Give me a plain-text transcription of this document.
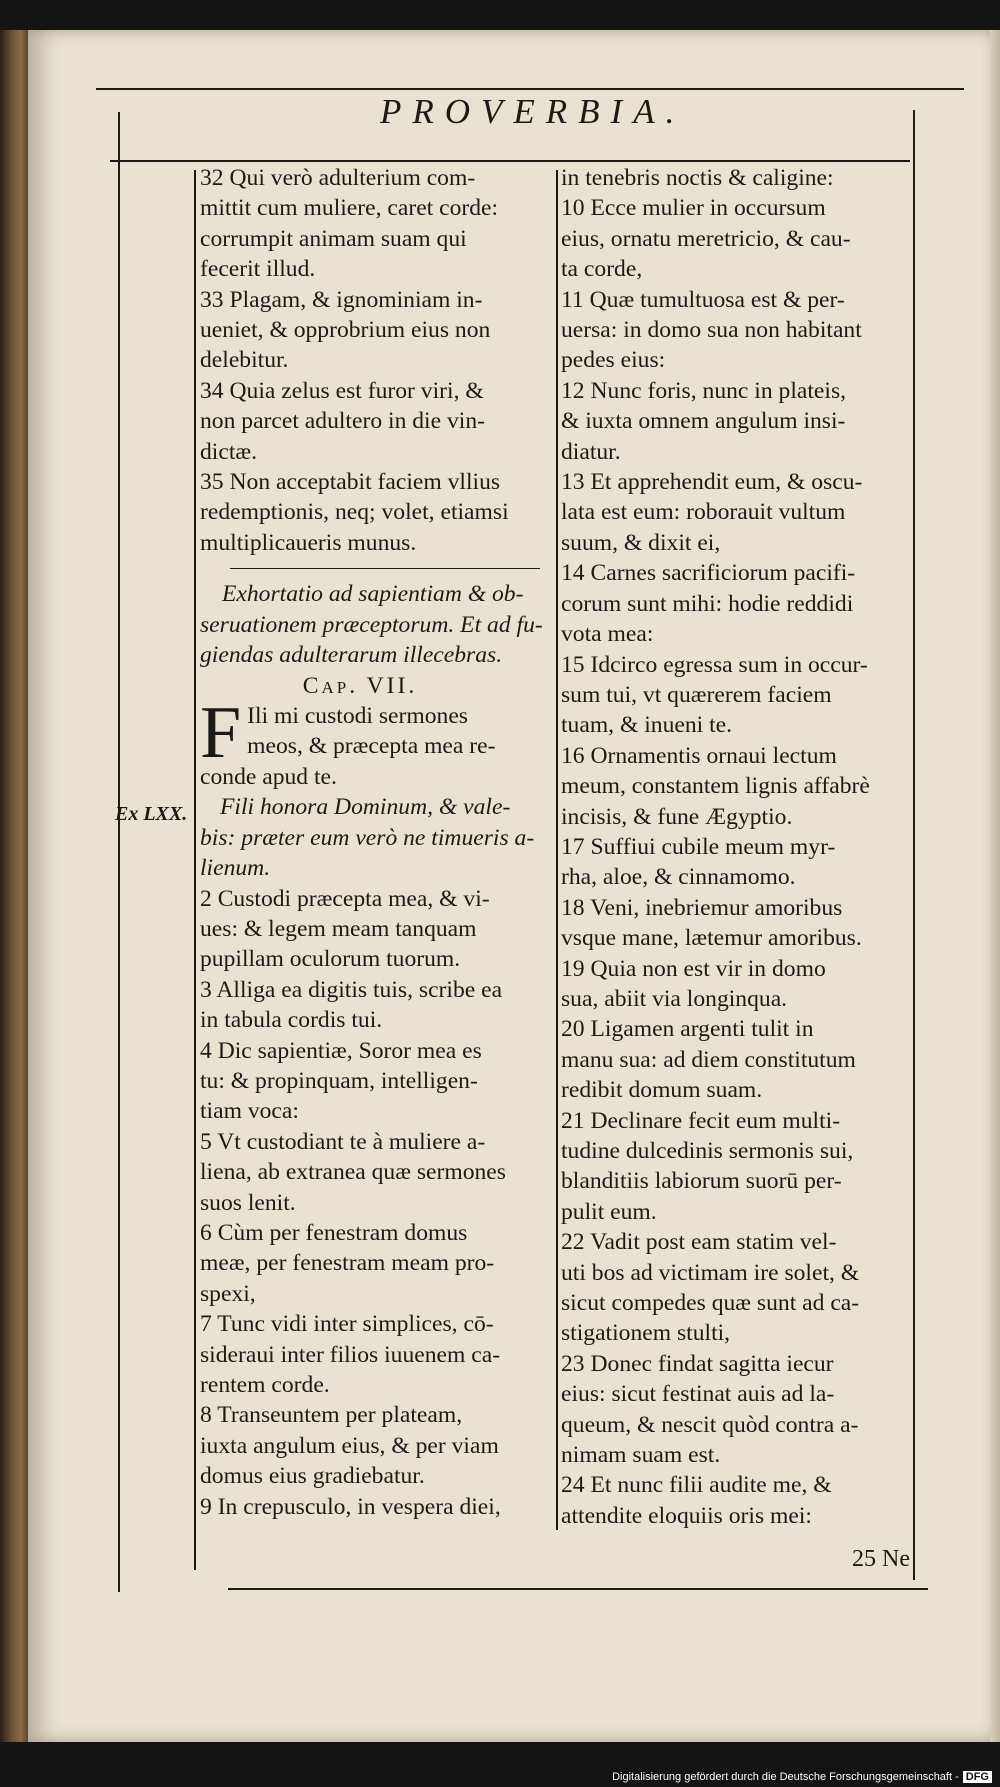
PROVERBIA.
Ex LXX.

32 Qui verò adulterium com-

mittit cum muliere, caret corde:

corrumpit animam suam qui

fecerit illud.

33 Plagam, & ignominiam in-

ueniet, & opprobrium eius non

delebitur.

34 Quia zelus est furor viri, &

non parcet adultero in die vin-

dictæ.

35 Non acceptabit faciem vllius

redemptionis, neq; volet, etiamsi

multiplicaueris munus.

Exhortatio ad sapientiam & ob-

seruationem præceptorum. Et ad fu-

giendas adulterarum illecebras.

Cap. VII.

F Ili mi custodi sermones

meos, & præcepta mea re-

conde apud te.

Fili honora Dominum, & vale-

bis: præter eum verò ne timueris a-

lienum.

2 Custodi præcepta mea, & vi-

ues: & legem meam tanquam

pupillam oculorum tuorum.

3 Alliga ea digitis tuis, scribe ea

in tabula cordis tui.

4 Dic sapientiæ, Soror mea es

tu: & propinquam, intelligen-

tiam voca:

5 Vt custodiant te à muliere a-

liena, ab extranea quæ sermones

suos lenit.

6 Cùm per fenestram domus

meæ, per fenestram meam pro-

spexi,

7 Tunc vidi inter simplices, cō-

sideraui inter filios iuuenem ca-

rentem corde.

8 Transeuntem per plateam,

iuxta angulum eius, & per viam

domus eius gradiebatur.

9 In crepusculo, in vespera diei,

in tenebris noctis & caligine:

10 Ecce mulier in occursum

eius, ornatu meretricio, & cau-

ta corde,

11 Quæ tumultuosa est & per-

uersa: in domo sua non habitant

pedes eius:

12 Nunc foris, nunc in plateis,

& iuxta omnem angulum insi-

diatur.

13 Et apprehendit eum, & oscu-

lata est eum: roborauit vultum

suum, & dixit ei,

14 Carnes sacrificiorum pacifi-

corum sunt mihi: hodie reddidi

vota mea:

15 Idcirco egressa sum in occur-

sum tui, vt quærerem faciem

tuam, & inueni te.

16 Ornamentis ornaui lectum

meum, constantem lignis affabrè

incisis, & fune Ægyptio.

17 Suffiui cubile meum myr-

rha, aloe, & cinnamomo.

18 Veni, inebriemur amoribus

vsque mane, lætemur amoribus.

19 Quia non est vir in domo

sua, abiit via longinqua.

20 Ligamen argenti tulit in

manu sua: ad diem constitutum

redibit domum suam.

21 Declinare fecit eum multi-

tudine dulcedinis sermonis sui,

blanditiis labiorum suorū per-

pulit eum.

22 Vadit post eam statim vel-

uti bos ad victimam ire solet, &

sicut compedes quæ sunt ad ca-

stigationem stulti,

23 Donec findat sagitta iecur

eius: sicut festinat auis ad la-

queum, & nescit quòd contra a-

nimam suam est.

24 Et nunc filii audite me, &

attendite eloquiis oris mei:

25 Ne
Digitalisierung gefördert durch die Deutsche Forschungsgemeinschaft - DFG
